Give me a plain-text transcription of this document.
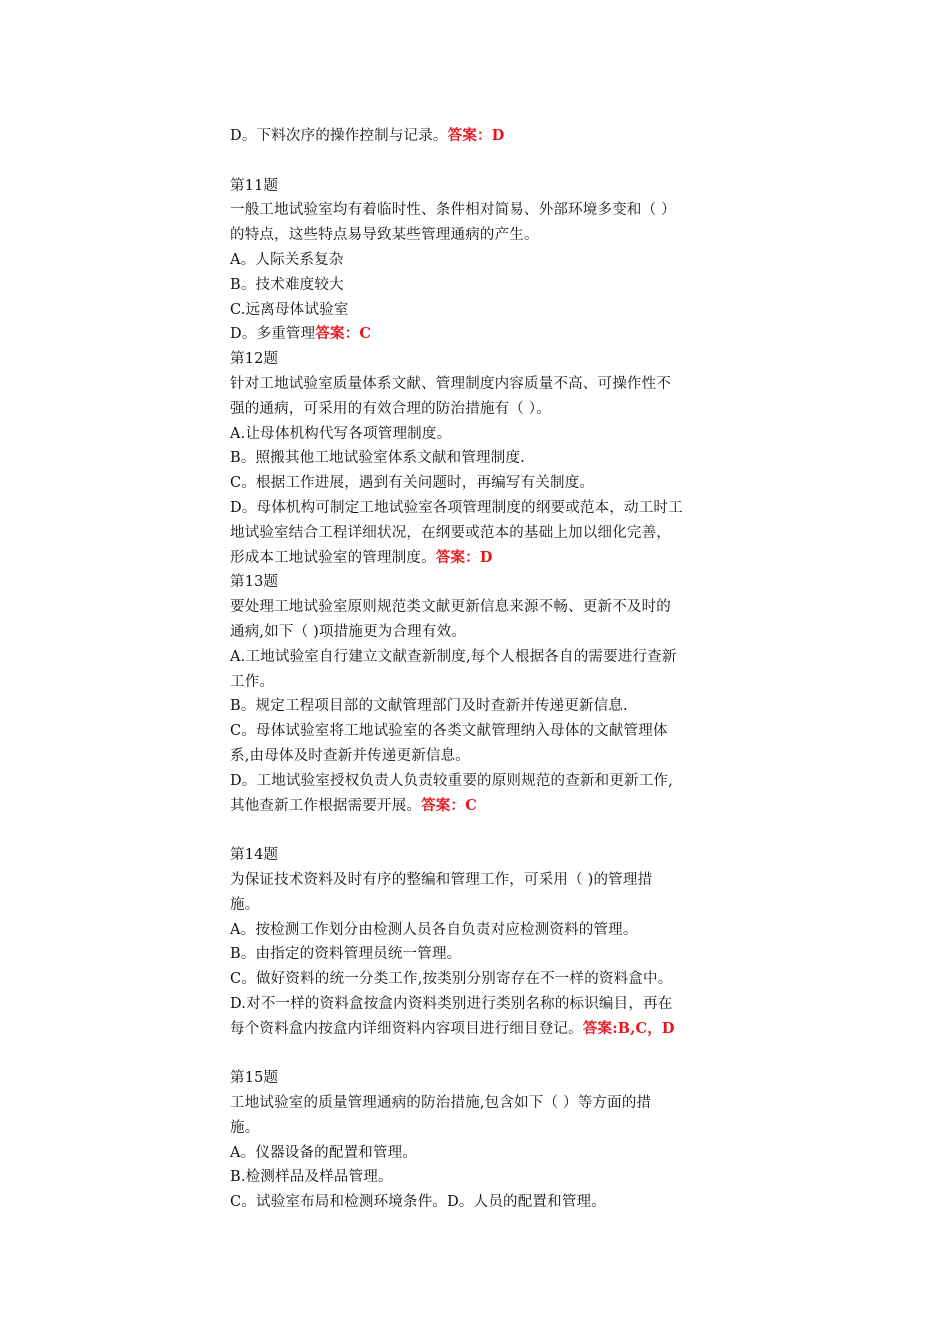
D。下料次序的操作控制与记录。答案：D
第11题
一般工地试验室均有着临时性、条件相对简易、外部环境多变和（ ）
的特点，这些特点易导致某些管理通病的产生。
A。人际关系复杂
B。技术难度较大
C.远离母体试验室
D。多重管理答案：C
第12题
针对工地试验室质量体系文献、管理制度内容质量不高、可操作性不
强的通病，可采用的有效合理的防治措施有（ ）。
A.让母体机构代写各项管理制度。
B。照搬其他工地试验室体系文献和管理制度.
C。根据工作进展，遇到有关问题时，再编写有关制度。
D。母体机构可制定工地试验室各项管理制度的纲要或范本，动工时工
地试验室结合工程详细状况，在纲要或范本的基础上加以细化完善，
形成本工地试验室的管理制度。答案：D
第13题
要处理工地试验室原则规范类文献更新信息来源不畅、更新不及时的
通病,如下（ )项措施更为合理有效。
A.工地试验室自行建立文献查新制度,每个人根据各自的需要进行查新
工作。
B。规定工程项目部的文献管理部门及时查新并传递更新信息.
C。母体试验室将工地试验室的各类文献管理纳入母体的文献管理体
系,由母体及时查新并传递更新信息。
D。工地试验室授权负责人负责较重要的原则规范的查新和更新工作,
其他查新工作根据需要开展。答案：C
第14题
为保证技术资料及时有序的整编和管理工作，可采用（ )的管理措
施。
A。按检测工作划分由检测人员各自负责对应检测资料的管理。
B。由指定的资料管理员统一管理。
C。做好资料的统一分类工作,按类别分别寄存在不一样的资料盒中。
D.对不一样的资料盒按盒内资料类别进行类别名称的标识编目，再在
每个资料盒内按盒内详细资料内容项目进行细目登记。答案:B,C，D
第15题
工地试验室的质量管理通病的防治措施,包含如下（ ）等方面的措
施。
A。仪器设备的配置和管理。
B.检测样品及样品管理。
C。试验室布局和检测环境条件。D。人员的配置和管理。
